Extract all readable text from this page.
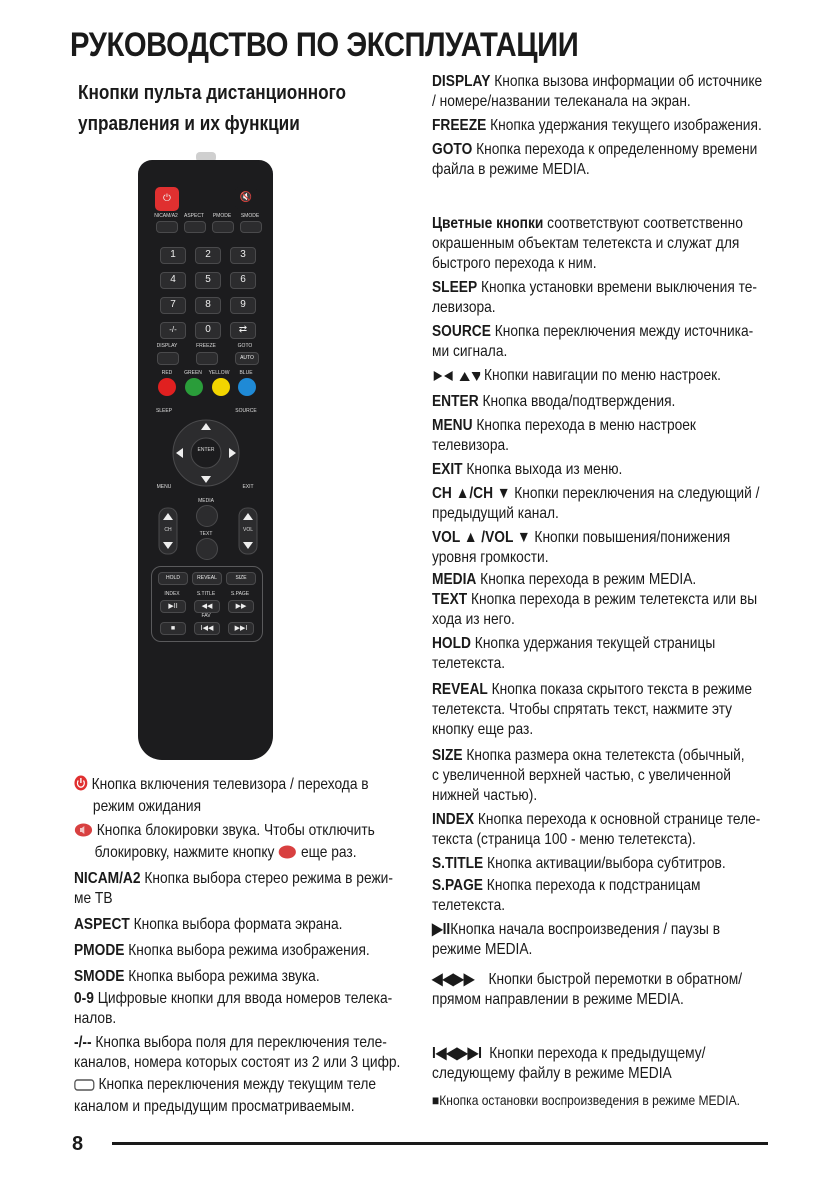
РУКОВОДСТВО ПО ЭКСПЛУАТАЦИИ
Кнопки пульта дистанционного
управления и их функции
⏻	🔇
NICAM/A2	ASPECT	PMODE	SMODE
1	2	3
4	5	6
7	8	9
-/-	0	⇄
DISPLAY	FREEZE	GOTO
AUTO
RED	GREEN	YELLOW	BLUE
SLEEP	SOURCE
ENTER
MENU	EXIT
MEDIA
TEXT
CH	VOL
HOLD	REVEAL	SIZE
INDEX	S.TITLE	S.PAGE
▶II	◀◀	▶▶
FAV
■	I◀◀	▶▶I
Кнопка включения телевизора / перехода в
режим ожидания
Кнопка блокировки звука. Чтобы отключить
блокировку, нажмите кнопку еще раз.
NICAM/A2 Кнопка выбора стерео режима в режи-
ме ТВ
ASPECT Кнопка выбора формата экрана.
PMODE Кнопка выбора режима изображения.
SMODE Кнопка выбора режима звука.
0-9 Цифровые кнопки для ввода номеров телека-
налов.
-/-- Кнопка выбора поля для переключения теле-
каналов, номера которых состоят из 2 или 3 цифр.
Кнопка переключения между текущим теле
каналом и предыдущим просматриваемым.
DISPLAY Кнопка вызова информации об источнике
/ номере/названии телеканала на экран.
FREEZE Кнопка удержания текущего изображения.
GOTO Кнопка перехода к определенному времени
файла в режиме MEDIA.
Цветные кнопки соответствуют соответственно
окрашенным объектам телетекста и служат для
быстрого перехода к ним.
SLEEP Кнопка установки времени выключения те-
левизора.
SOURCE Кнопка переключения между источника-
ми сигнала.
Кнопки навигации по меню настроек.
ENTER Кнопка ввода/подтверждения.
MENU Кнопка перехода в меню настроек телевизора.
EXIT Кнопка выхода из меню.
CH ▲/CH ▼ Кнопки переключения на следующий /
предыдущий канал.
VOL ▲ /VOL ▼ Кнопки повышения/понижения
уровня громкости.
MEDIA Кнопка перехода в режим MEDIA.
TEXT Кнопка перехода в режим телетекста или вы
хода из него.
HOLD Кнопка удержания текущей страницы
телетекста.
REVEAL Кнопка показа скрытого текста в режиме
телетекста. Чтобы спрятать текст, нажмите эту
кнопку еще раз.
SIZE Кнопка размера окна телетекста (обычный,
с увеличенной верхней частью, с увеличенной
нижней частью).
INDEX Кнопка перехода к основной странице теле-
текста (страница 100 - меню телетекста).
S.TITLE Кнопка активации/выбора субтитров.
S.PAGE Кнопка перехода к подстраницам телетекста.
▶IIКнопка начала воспроизведения / паузы в
режиме MEDIA.
◀◀▶▶ Кнопки быстрой перемотки в обратном/
прямом направлении в режиме MEDIA.
I◀◀▶▶I Кнопки перехода к предыдущему/
следующему файлу в режиме MEDIA
■Кнопка остановки воспроизведения в режиме MEDIA.
8
